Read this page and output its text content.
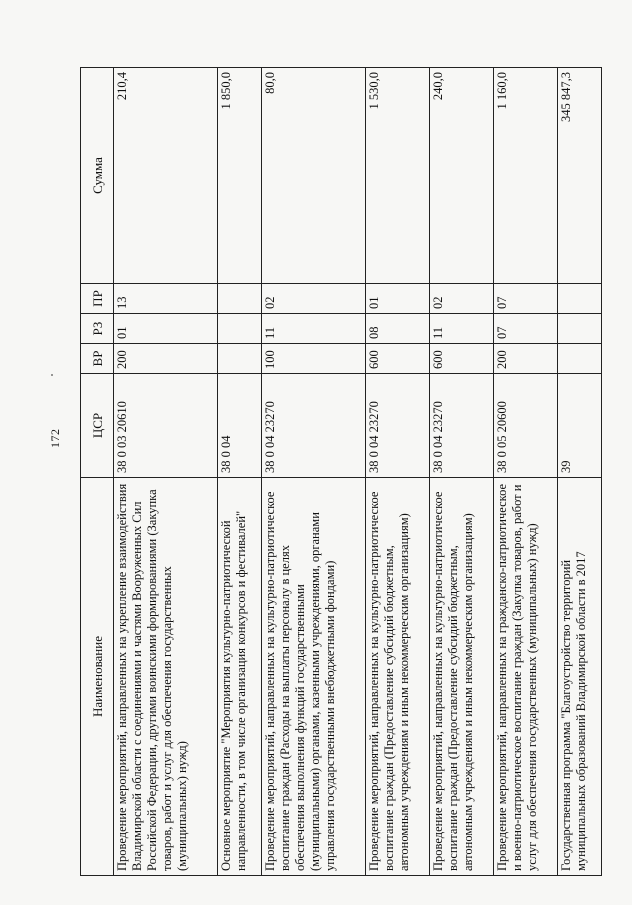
172
Наименование	ЦСР	ВР	РЗ	ПР	Сумма
Проведение мероприятий, направленных на укрепление взаимодействия Владимирской области с соединениями и частями Вооруженных Сил Российской Федерации, другими воинскими формированиями (Закупка товаров, работ и услуг для обеспечения государственных (муниципальных) нужд)	38 0 03 20610	200	01	13	210,4
Основное мероприятие "Мероприятия культурно-патриотической направленности, в том числе организация конкурсов и фестивалей"	38 0 04				1 850,0
Проведение мероприятий, направленных на культурно-патриотическое воспитание граждан (Расходы на выплаты персоналу в целях обеспечения выполнения функций государственными (муниципальными) органами, казенными учреждениями, органами управления государственными внебюджетными фондами)	38 0 04 23270	100	11	02	80,0
Проведение мероприятий, направленных на культурно-патриотическое воспитание граждан (Предоставление субсидий бюджетным, автономным учреждениям и иным некоммерческим организациям)	38 0 04 23270	600	08	01	1 530,0
Проведение мероприятий, направленных на культурно-патриотическое воспитание граждан (Предоставление субсидий бюджетным, автономным учреждениям и иным некоммерческим организациям)	38 0 04 23270	600	11	02	240,0
Проведение мероприятий, направленных на гражданско-патриотическое и военно-патриотическое воспитание граждан (Закупка товаров, работ и услуг для обеспечения государственных (муниципальных) нужд)	38 0 05 20600	200	07	07	1 160,0
Государственная программа "Благоустройство территорий муниципальных образований Владимирской области в 2017	39				345 847,3
